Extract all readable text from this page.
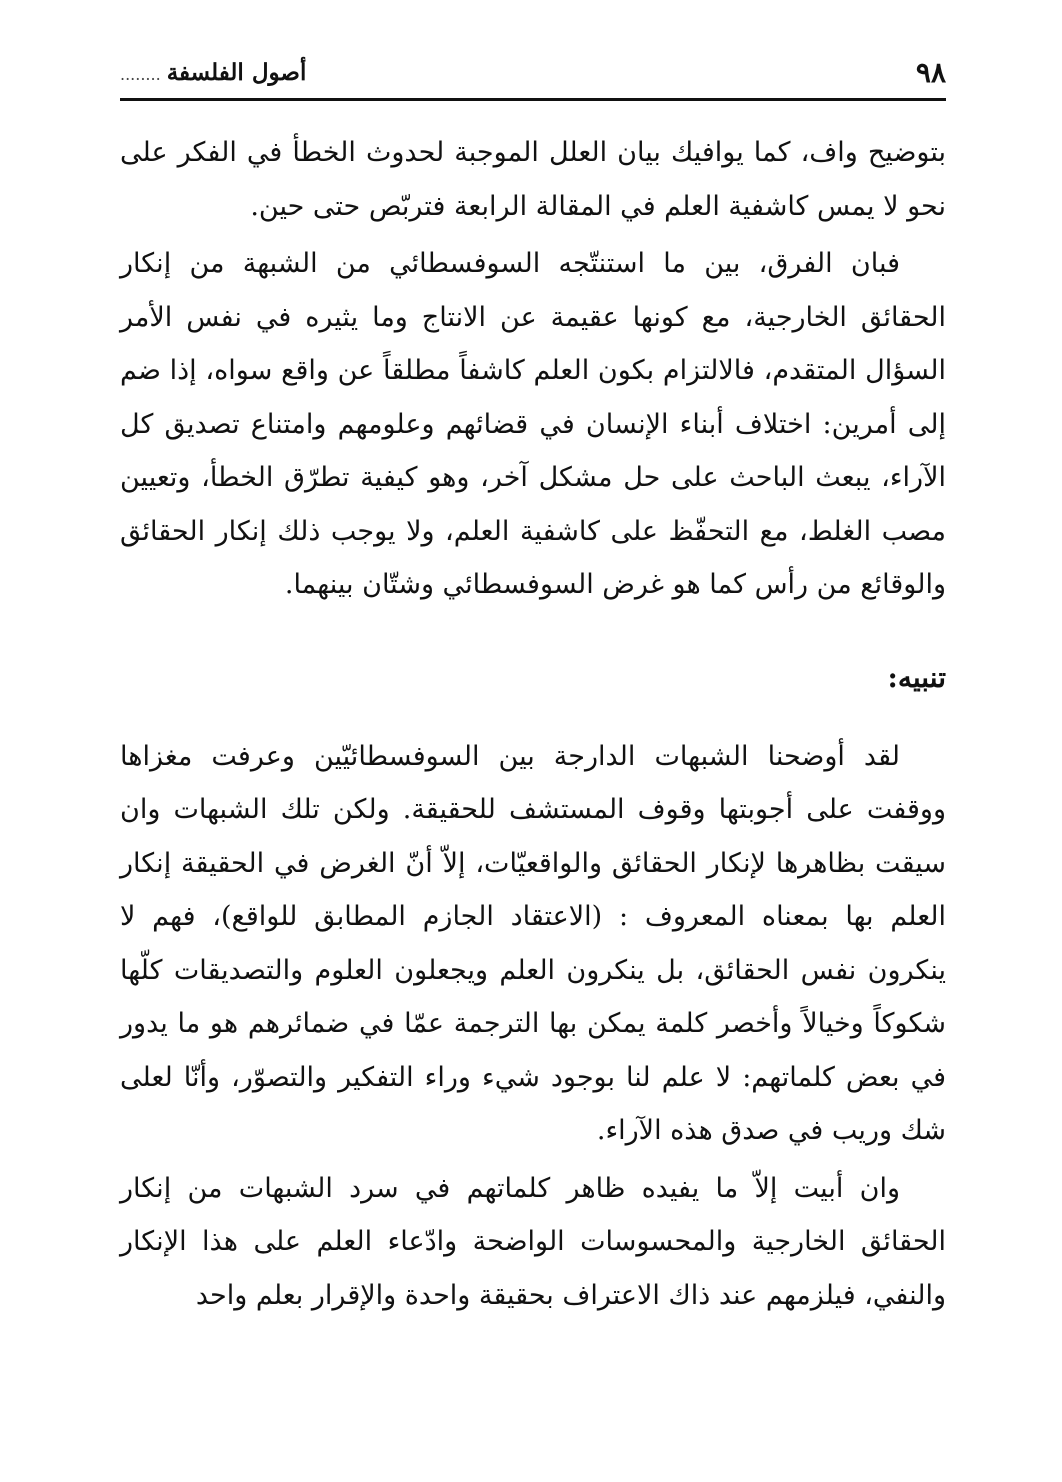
٩٨
أصول الفلسفة........

بتوضيح واف، كما يوافيك بيان العلل الموجبة لحدوث الخطأ في الفكر على نحو لا يمس كاشفية العلم في المقالة الرابعة فتربّص حتى حين.

فبان الفرق، بين ما استنتّجه السوفسطائي من الشبهة من إنكار الحقائق الخارجية، مع كونها عقيمة عن الانتاج وما يثيره في نفس الأمر السؤال المتقدم، فالالتزام بكون العلم كاشفاً مطلقاً عن واقع سواه، إذا ضم إلى أمرين: اختلاف أبناء الإنسان في قضائهم وعلومهم وامتناع تصديق كل الآراء، يبعث الباحث على حل مشكل آخر، وهو كيفية تطرّق الخطأ، وتعيين مصب الغلط، مع التحفّظ على كاشفية العلم، ولا يوجب ذلك إنكار الحقائق والوقائع من رأس كما هو غرض السوفسطائي وشتّان بينهما.

تنبيه:

لقد أوضحنا الشبهات الدارجة بين السوفسطائيّين وعرفت مغزاها ووقفت على أجوبتها وقوف المستشف للحقيقة. ولكن تلك الشبهات وان سيقت بظاهرها لإنكار الحقائق والواقعيّات، إلاّ أنّ الغرض في الحقيقة إنكار العلم بها بمعناه المعروف : (الاعتقاد الجازم المطابق للواقع)، فهم لا ينكرون نفس الحقائق، بل ينكرون العلم ويجعلون العلوم والتصديقات كلّها شكوكاً وخيالاً وأخصر كلمة يمكن بها الترجمة عمّا في ضمائرهم هو ما يدور في بعض كلماتهم: لا علم لنا بوجود شيء وراء التفكير والتصوّر، وأنّا لعلى شك وريب في صدق هذه الآراء.

وان أبيت إلاّ ما يفيده ظاهر كلماتهم في سرد الشبهات من إنكار الحقائق الخارجية والمحسوسات الواضحة وادّعاء العلم على هذا الإنكار والنفي، فيلزمهم عند ذاك الاعتراف بحقيقة واحدة والإقرار بعلم واحد
